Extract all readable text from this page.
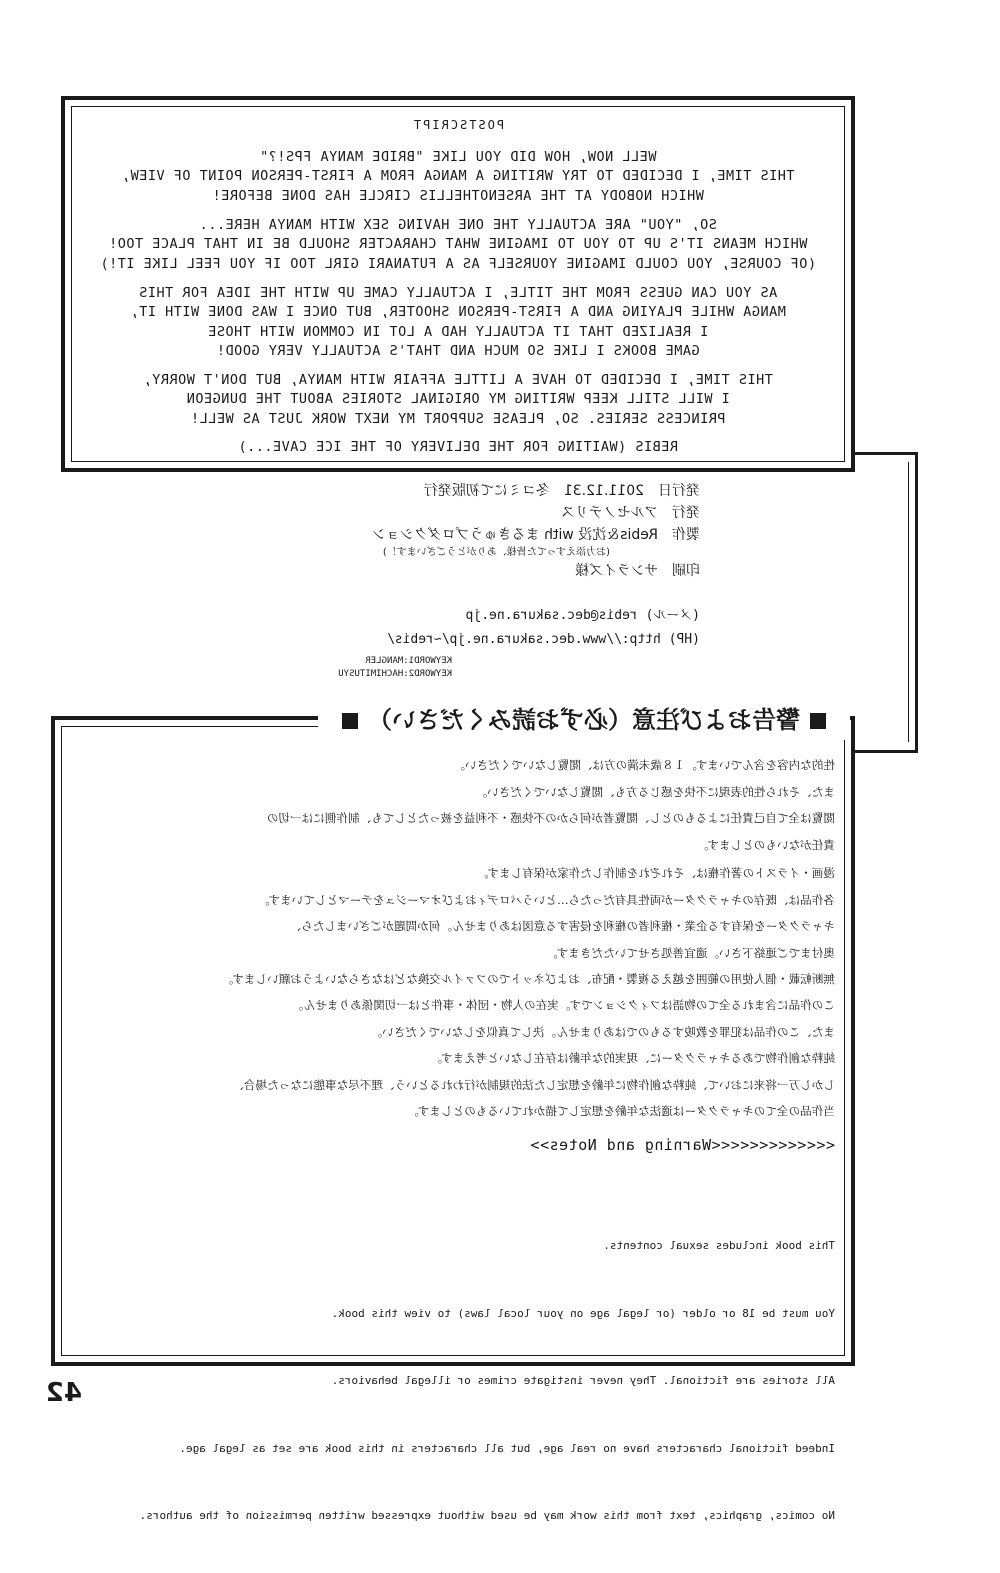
POSTSCRIPT
WELL NOW, HOW DID YOU LIKE "BRIDE MANYA FPS!?"
THIS TIME, I DECIDED TO TRY WRITING A MANGA FROM A FIRST-PERSON POINT OF VIEW,
WHICH NOBODY AT THE ARSENOTHELLIS CIRCLE HAS DONE BEFORE!
SO, "YOU" ARE ACTUALLY THE ONE HAVING SEX WITH MANYA HERE...
WHICH MEANS IT'S UP TO YOU TO IMAGINE WHAT CHARACTER SHOULD BE IN THAT PLACE TOO!
(OF COURSE, YOU COULD IMAGINE YOURSELF AS A FUTANARI GIRL TOO IF YOU FEEL LIKE IT!)
AS YOU CAN GUESS FROM THE TITLE, I ACTUALLY CAME UP WITH THE IDEA FOR THIS
MANGA WHILE PLAYING AND A FIRST-PERSON SHOOTER, BUT ONCE I WAS DONE WITH IT,
I REALIZED THAT IT ACTUALLY HAD A LOT IN COMMON WITH THOSE
GAME BOOKS I LIKE SO MUCH AND THAT'S ACTUALLY VERY GOOD!
THIS TIME, I DECIDED TO HAVE A LITTLE AFFAIR WITH MANYA, BUT DON'T WORRY,
I WILL STILL KEEP WRITING MY ORIGINAL STORIES ABOUT THE DUNGEON
PRINCESS SERIES. SO, PLEASE SUPPORT MY NEXT WORK JUST AS WELL!
REBIS (WAITING FOR THE DELIVERY OF THE ICE CAVE...)
発行日　2011.12.31　冬コミにて初版発行
発行　アルセノテリス
製作　Rebis＆沈没 with まるきゅうプロダクション
(お力添えすってた皆様、ありがとうございます！)
印刷　サンライズ様
(メール) rebis@dec.sakura.ne.jp
(HP) http://www.dec.sakura.ne.jp/~rebis/
KEYWORD1:MANGLER
KEYWORD2:HACHIMITUSYU
警告および注意（必ずお読みください）
性的な内容を含んでいます。１８歳未満の方は、閲覧しないでください。
また、それら性的表現に不快を感じる方も、閲覧しないでください。
閲覧は全て自己責任によるものとし、閲覧者が何らかの不快感・不利益を被ったとしても、制作側には一切の
責任がないものとします。
漫画・イラストの著作権は、それぞれを制作した作家が保有します。
各作品は、既存のキャラクターが両性具有だったら…というパロディおよびオマージュをテーマとしています。
キャラクターを保有する企業・権利者の権利を侵害する意図はありません。何か問題がございましたら、
奥付までご連絡下さい。適宜善処させていただきます。
無断転載・個人使用の範囲を越える複製・配布、およびネットでのファイル交換などはなさらないようお願いします。
この作品に含まれる全ての物語はフィクションです。実在の人物・団体・事件とは一切関係ありません。
また、この作品は犯罪を教唆するものではありません。決して真似をしないでください。
純粋な創作物であるキャラクターに、現実的な年齢は存在しないと考えます。
しかし万一将来において、純粋な創作物に年齢を想定した法的規制が行われるという、理不尽な事態になった場合、
当作品の全てのキャラクターは適法な年齢を想定して描かれているものとします。
<<<<<<<<<<<<<Warning and Notes>>

This book includes sexual contents.

You must be 18 or older (or legal age on your local laws) to view this book.

All stories are fictional. They never instigate crimes or illegal behaviors.

Indeed fictional characters have no real age, but all characters in this book are set as legal age.

No comics, graphics, text from this work may be used without expressed written permission of the authors.

42
